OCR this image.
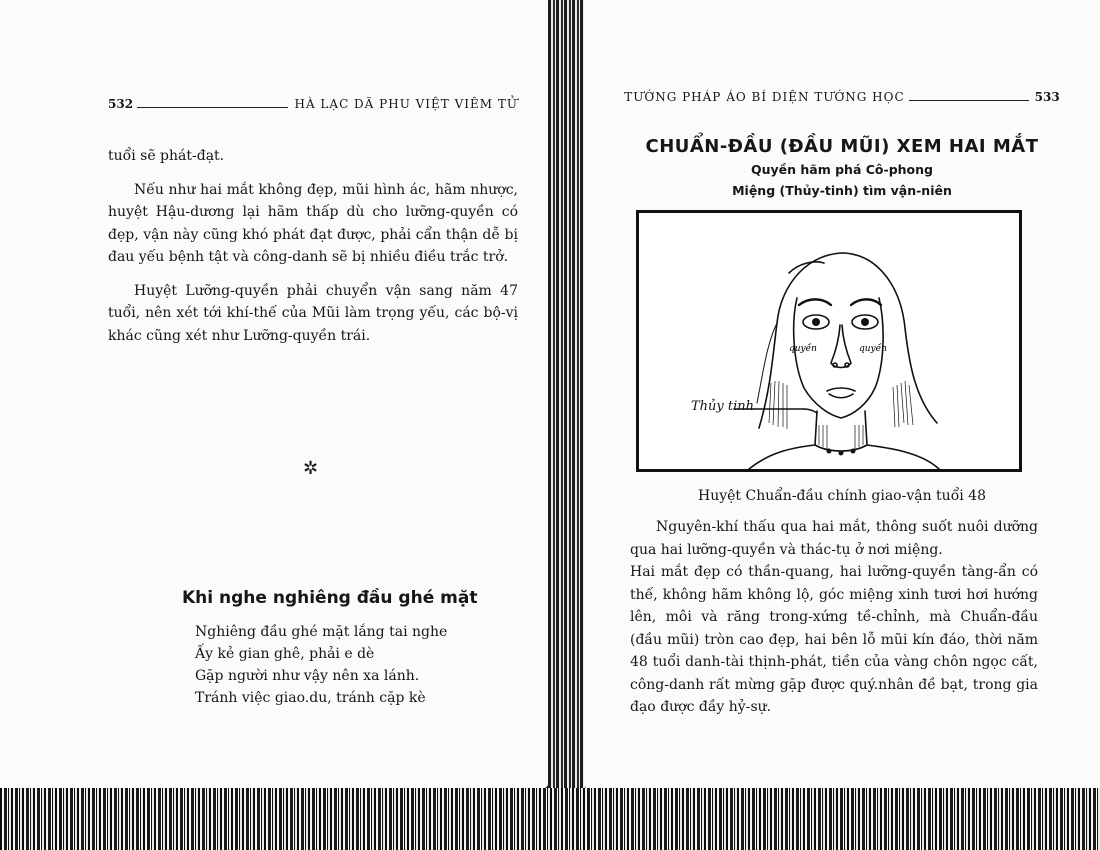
532	HÀ LẠC DÃ PHU VIỆT VIÊM TỬ

tuổi sẽ phát-đạt.

Nếu như hai mắt không đẹp, mũi hình ác, hãm nhược, huyệt Hậu-dương lại hãm thấp dù cho lưỡng-quyền có đẹp, vận này cũng khó phát đạt được, phải cẩn thận dễ bị đau yếu bệnh tật và công-danh sẽ bị nhiều điều trắc trở.

Huyệt Lưỡng-quyền phải chuyển vận sang năm 47 tuổi, nên xét tới khí-thế của Mũi làm trọng yếu, các bộ-vị khác cũng xét như Lưỡng-quyền trái.

✲
Khi nghe nghiêng đầu ghé mặt
Nghiêng đầu ghé mặt lắng tai nghe
Ấy kẻ gian ghê, phải e dè
Gặp người như vậy nên xa lánh.
Tránh việc giao.du, tránh cặp kè
TƯỚNG PHÁP ÁO BÍ DIỆN TƯỚNG HỌC	533
CHUẨN-ĐẦU (ĐẦU MŨI) XEM HAI MẮT
Quyền hãm phá Cô-phong
Miệng (Thủy-tinh) tìm vận-niên
quyền	quyền
Thủy tinh
Huyệt Chuẩn-đầu chính giao-vận tuổi 48

Nguyên-khí thấu qua hai mắt, thông suốt nuôi dưỡng qua hai lưỡng-quyền và thác-tụ ở nơi miệng.

Hai mắt đẹp có thần-quang, hai lưỡng-quyền tàng-ẩn có thế, không hãm không lộ, góc miệng xinh tươi hơi hướng lên, môi và răng trong-xứng tề-chỉnh, mà Chuẩn-đầu (đầu mũi) tròn cao đẹp, hai bên lỗ mũi kín đáo, thời năm 48 tuổi danh-tài thịnh-phát, tiền của vàng chôn ngọc cất, công-danh rất mừng gặp được quý.nhân đề bạt, trong gia đạo được đầy hỷ-sự.
